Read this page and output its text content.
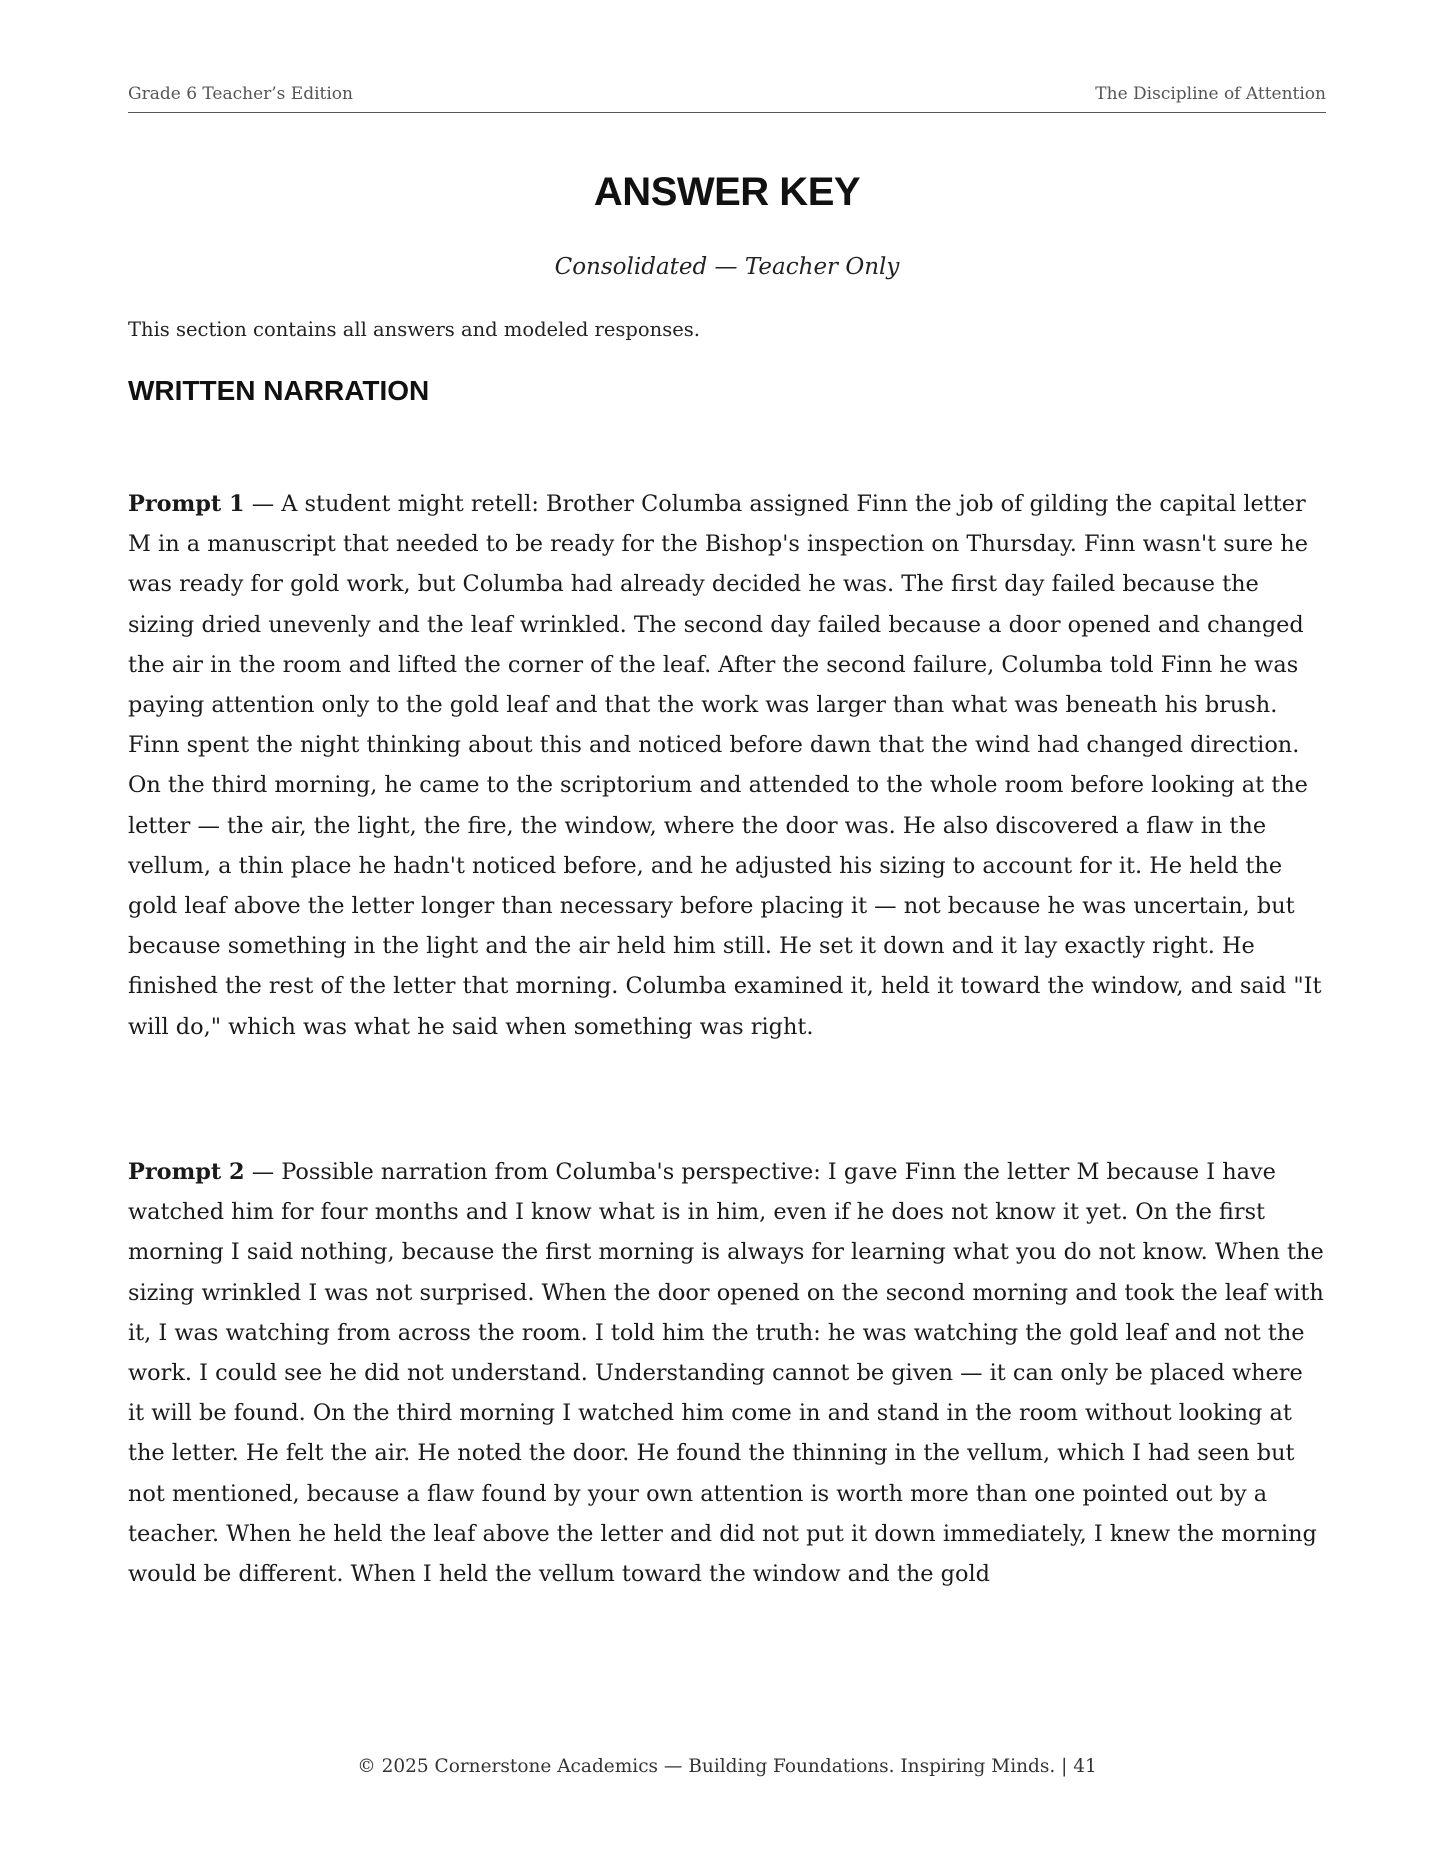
Grade 6 Teacher’s Edition	The Discipline of Attention
ANSWER KEY
Consolidated — Teacher Only
This section contains all answers and modeled responses.
WRITTEN NARRATION

Prompt 1 — A student might retell: Brother Columba assigned Finn the job of gilding the capital letter M in a manuscript that needed to be ready for the Bishop's inspection on Thursday. Finn wasn't sure he was ready for gold work, but Columba had already decided he was. The first day failed because the sizing dried unevenly and the leaf wrinkled. The second day failed because a door opened and changed the air in the room and lifted the corner of the leaf. After the second failure, Columba told Finn he was paying attention only to the gold leaf and that the work was larger than what was beneath his brush. Finn spent the night thinking about this and noticed before dawn that the wind had changed direction. On the third morning, he came to the scriptorium and attended to the whole room before looking at the letter — the air, the light, the fire, the window, where the door was. He also discovered a flaw in the vellum, a thin place he hadn't noticed before, and he adjusted his sizing to account for it. He held the gold leaf above the letter longer than necessary before placing it — not because he was uncertain, but because something in the light and the air held him still. He set it down and it lay exactly right. He finished the rest of the letter that morning. Columba examined it, held it toward the window, and said "It will do," which was what he said when something was right.

Prompt 2 — Possible narration from Columba's perspective: I gave Finn the letter M because I have watched him for four months and I know what is in him, even if he does not know it yet. On the first morning I said nothing, because the first morning is always for learning what you do not know. When the sizing wrinkled I was not surprised. When the door opened on the second morning and took the leaf with it, I was watching from across the room. I told him the truth: he was watching the gold leaf and not the work. I could see he did not understand. Understanding cannot be given — it can only be placed where it will be found. On the third morning I watched him come in and stand in the room without looking at the letter. He felt the air. He noted the door. He found the thinning in the vellum, which I had seen but not mentioned, because a flaw found by your own attention is worth more than one pointed out by a teacher. When he held the leaf above the letter and did not put it down immediately, I knew the morning would be different. When I held the vellum toward the window and the gold

© 2025 Cornerstone Academics — Building Foundations. Inspiring Minds. | 41
